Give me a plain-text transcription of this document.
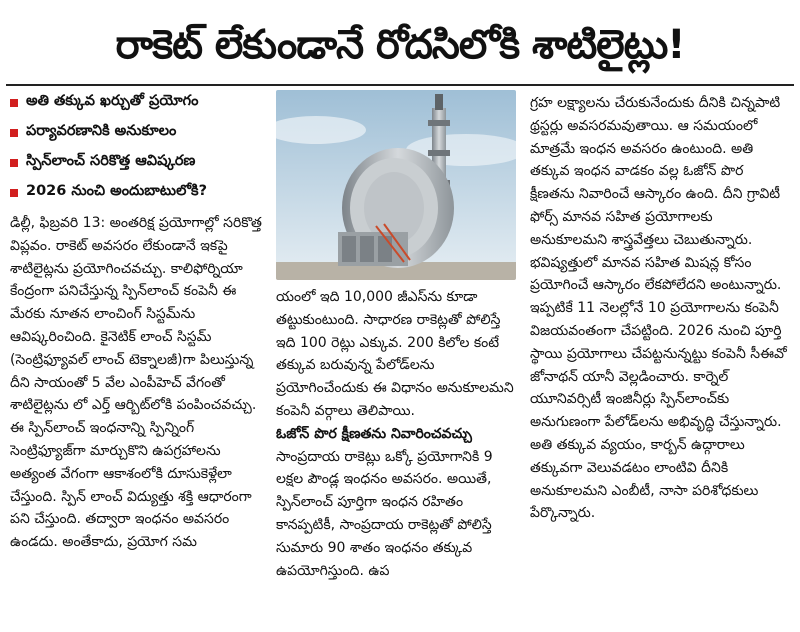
రాకెట్ లేకుండానే రోదసిలోకి శాటిలైట్లు!
అతి తక్కువ ఖర్చుతో ప్రయోగం
పర్యావరణానికి అనుకూలం
స్పిన్‌లాంచ్ సరికొత్త ఆవిష్కరణ
2026 నుంచి అందుబాటులోకి?

డిల్లీ, ఫిబ్రవరి 13: అంతరిక్ష ప్రయోగాల్లో సరికొత్త విప్లవం. రాకెట్ అవసరం లేకుండానే ఇకపై శాటిలైట్లను ప్రయోగించవచ్చు. కాలిఫోర్నియా కేంద్రంగా పనిచేస్తున్న స్పిన్‌లాంచ్ కంపెనీ ఈ మేరకు నూతన లాంచింగ్ సిస్టమ్‌ను ఆవిష్కరించింది. కైనెటిక్ లాంచ్ సిస్టమ్ (సెంట్రిఫ్యూవల్ లాంచ్ టెక్నాలజీ)గా పిలుస్తున్న దీని సాయంతో 5 వేల ఎంపీహెచ్ వేగంతో శాటిలైట్లను లో ఎర్త్ ఆర్బిట్‌లోకి పంపించవచ్చు. ఈ స్పిన్‌లాంచ్ ఇంధనాన్ని స్పిన్నింగ్ సెంట్రిఫ్యూజ్‌గా మార్చుకొని ఉపగ్రహాలను అత్యంత వేగంగా ఆకాశంలోకి దూసుకెళ్లేలా చేస్తుంది. స్పిన్ లాంచ్ విద్యుత్తు శక్తి ఆధారంగా పని చేస్తుంది. తద్వారా ఇంధనం అవసరం ఉండదు. అంతేకాదు, ప్రయోగ సమ

యంలో ఇది 10,000 జీఎస్‌ను కూడా తట్టుకుంటుంది. సాధారణ రాకెట్లతో పోలిస్తే ఇది 100 రెట్లు ఎక్కువ. 200 కిలోల కంటే తక్కువ బరువున్న పేలోడ్‌లను ప్రయోగించేందుకు ఈ విధానం అనుకూలమని కంపెనీ వర్గాలు తెలిపాయి.

ఓజోన్ పొర క్షీణతను నివారించవచ్చు

సాంప్రదాయ రాకెట్లు ఒక్కో ప్రయోగానికి 9 లక్షల పౌండ్ల ఇంధనం అవసరం. అయితే, స్పిన్‌లాంచ్ పూర్తిగా ఇంధన రహితం కానప్పటికీ, సాంప్రదాయ రాకెట్లతో పోలిస్తే సుమారు 90 శాతం ఇంధనం తక్కువ ఉపయోగిస్తుంది. ఉప

గ్రహ లక్ష్యాలను చేరుకునేందుకు దీనికి చిన్నపాటి థ్రస్టర్లు అవసరమవుతాయి. ఆ సమయంలో మాత్రమే ఇంధన అవసరం ఉంటుంది. అతి తక్కువ ఇంధన వాడకం వల్ల ఓజోన్ పొర క్షీణతను నివారించే ఆస్కారం ఉంది. దీని గ్రావిటీ ఫోర్స్ మానవ సహిత ప్రయోగాలకు అనుకూలమని శాస్త్రవేత్తలు చెబుతున్నారు. భవిష్యత్తులో మానవ సహిత మిషన్ల కోసం ప్రయోగించే ఆస్కారం లేకపోలేదని అంటున్నారు. ఇప్పటికే 11 నెలల్లోనే 10 ప్రయోగాలను కంపెనీ విజయవంతంగా చేపట్టింది. 2026 నుంచి పూర్తి స్థాయి ప్రయోగాలు చేపట్టనున్నట్టు కంపెనీ సీఈవో జోనాథన్ యానీ వెల్లడించారు. కార్నెల్ యూనివర్సిటీ ఇంజినీర్లు స్పిన్‌లాంచ్‌కు అనుగుణంగా పేలోడ్‌లను అభివృద్ధి చేస్తున్నారు. అతి తక్కువ వ్యయం, కార్బన్ ఉద్గారాలు తక్కువగా వెలువడటం లాంటివి దీనికి అనుకూలమని ఎంబీటీ, నాసా పరిశోధకులు పేర్కొన్నారు.
